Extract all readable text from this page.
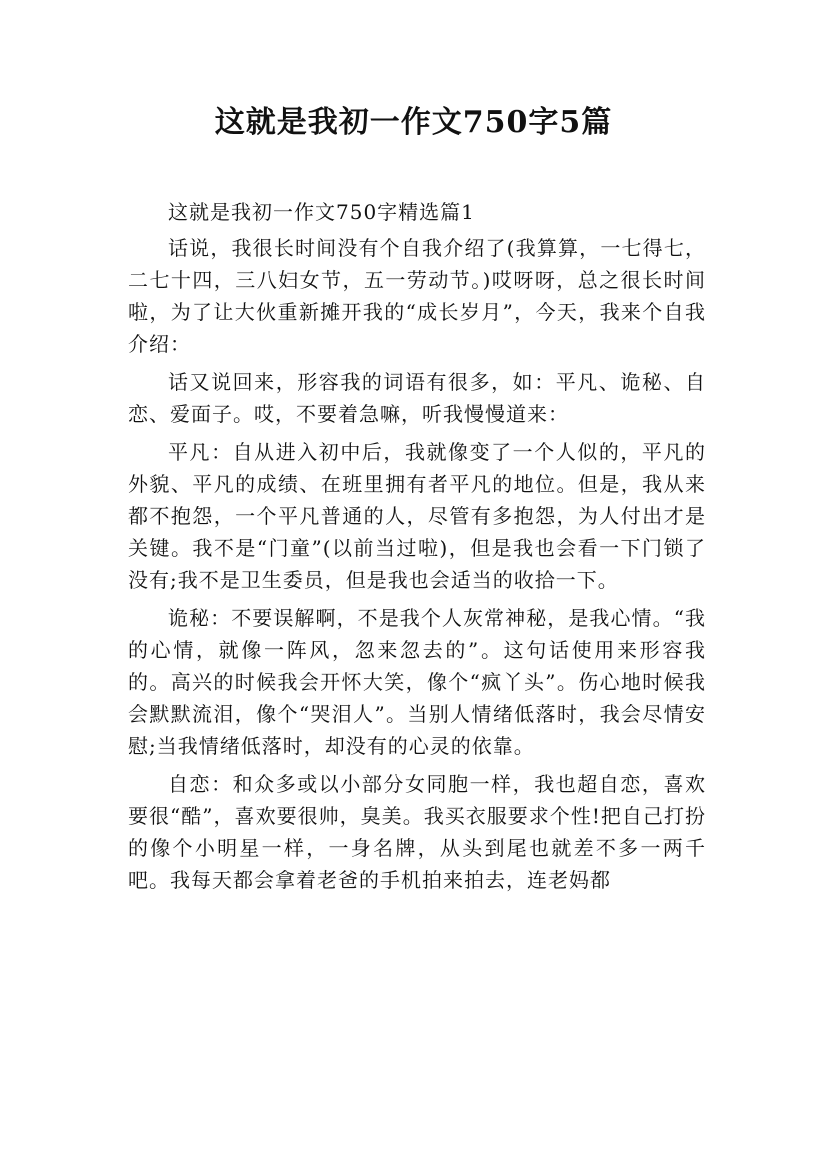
这就是我初一作文750字5篇

这就是我初一作文750字精选篇1

话说，我很长时间没有个自我介绍了(我算算，一七得七，二七十四，三八妇女节，五一劳动节。)哎呀呀，总之很长时间啦，为了让大伙重新摊开我的“成长岁月”，今天，我来个自我介绍：

话又说回来，形容我的词语有很多，如：平凡、诡秘、自恋、爱面子。哎，不要着急嘛，听我慢慢道来：

平凡：自从进入初中后，我就像变了一个人似的，平凡的外貌、平凡的成绩、在班里拥有者平凡的地位。但是，我从来都不抱怨，一个平凡普通的人，尽管有多抱怨，为人付出才是关键。我不是“门童”(以前当过啦)，但是我也会看一下门锁了没有;我不是卫生委员，但是我也会适当的收拾一下。

诡秘：不要误解啊，不是我个人灰常神秘，是我心情。“我的心情，就像一阵风，忽来忽去的”。这句话使用来形容我的。高兴的时候我会开怀大笑，像个“疯丫头”。伤心地时候我会默默流泪，像个“哭泪人”。当别人情绪低落时，我会尽情安慰;当我情绪低落时，却没有的心灵的依靠。

自恋：和众多或以小部分女同胞一样，我也超自恋，喜欢要很“酷”，喜欢要很帅，臭美。我买衣服要求个性!把自己打扮的像个小明星一样，一身名牌，从头到尾也就差不多一两千吧。我每天都会拿着老爸的手机拍来拍去，连老妈都
